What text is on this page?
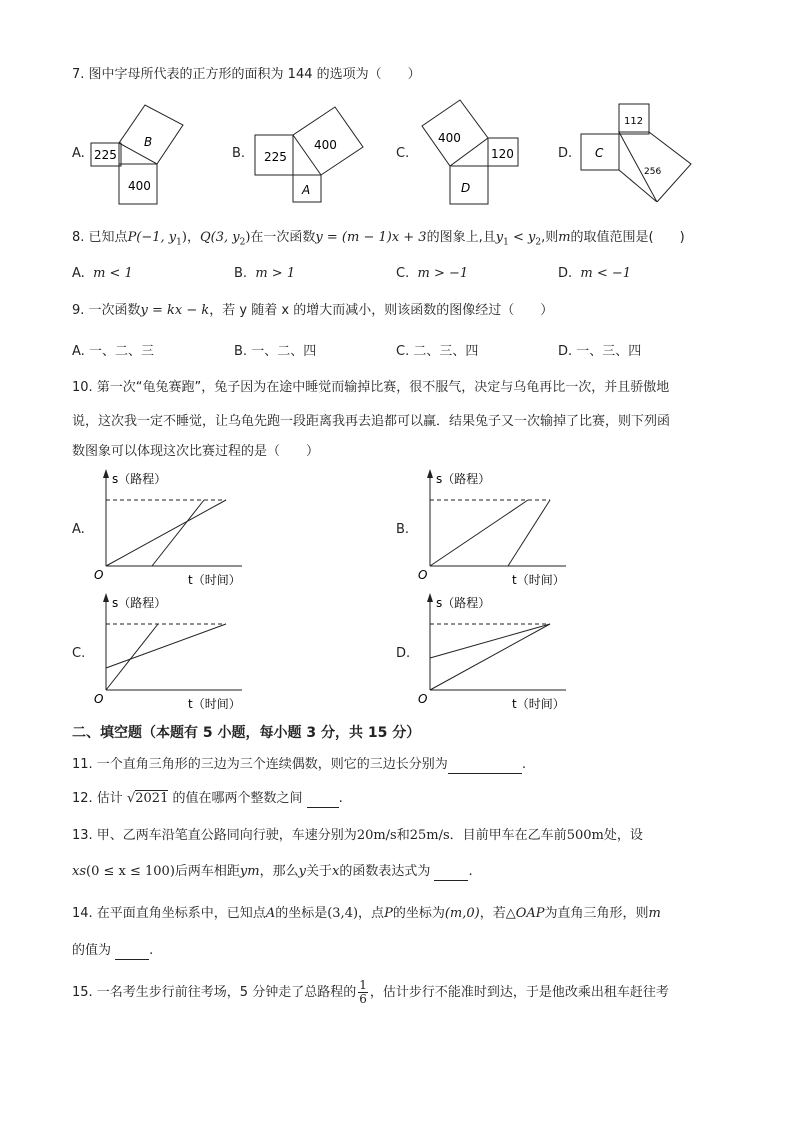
7. 图中字母所代表的正方形的面积为 144 的选项为（　　）
A. 225
400
B
B. 225
400
A
C.
400
120
D
D. C
112
256
8. 已知点P(−1, $y_1$)，Q(3, $y_2$)在一次函数y = (m − 1)x + 3的图象上,且$y_1 < y_2$,则m的取值范围是(　　)
A. m < 1	B. m > 1	C. m > −1	D. m < −1
9. 一次函数y = kx − k，若 y 随着 x 的增大而减小，则该函数的图像经过（　　）
A. 一、二、三	B. 一、二、四	C. 二、三、四	D. 一、三、四
10. 第一次“龟兔赛跑”，兔子因为在途中睡觉而输掉比赛，很不服气，决定与乌龟再比一次，并且骄傲地
说，这次我一定不睡觉，让乌龟先跑一段距离我再去追都可以赢．结果兔子又一次输掉了比赛，则下列函
数图象可以体现这次比赛过程的是（　　）
A.
s（路程）
t（时间）
O
B.
s（路程）
t（时间）
O
C.
s（路程）
t（时间）
O
D.
s（路程）
t（时间）
O
二、填空题（本题有 5 小题，每小题 3 分，共 15 分）
11. 一个直角三角形的三边为三个连续偶数，则它的三边长分别为	.
12. 估计 √2021 的值在哪两个整数之间	.
13. 甲、乙两车沿笔直公路同向行驶，车速分别为20m/s和25m/s．目前甲车在乙车前500m处，设
xs(0 ≤ x ≤ 100)后两车相距ym，那么y关于x的函数表达式为	.
14. 在平面直角坐标系中，已知点A的坐标是(3,4)，点P的坐标为(m,0)，若△OAP为直角三角形，则m
的值为	.
15. 一名考生步行前往考场，5 分钟走了总路程的 $\frac{1}{6}$ ，估计步行不能准时到达，于是他改乘出租车赶往考
